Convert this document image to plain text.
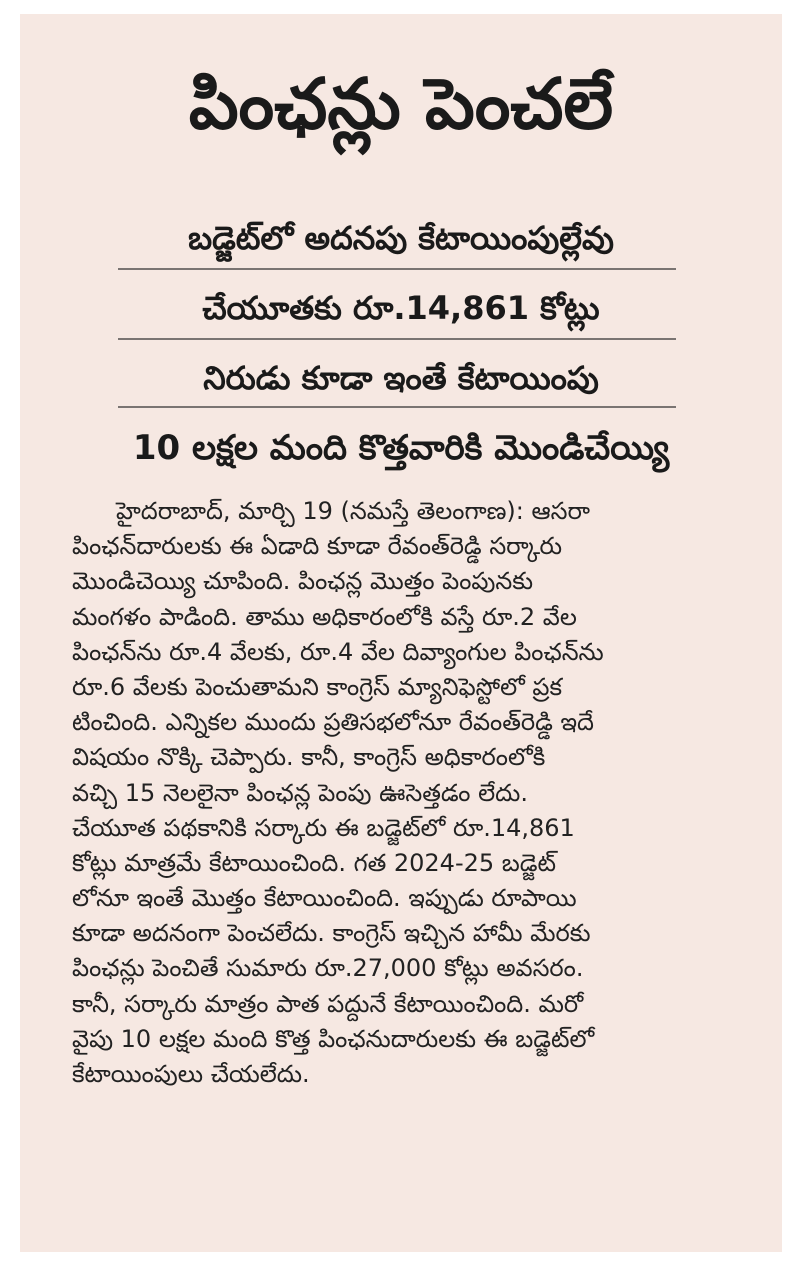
పింఛన్లు పెంచలే
బడ్జెట్‌లో అదనపు కేటాయింపుల్లేవు
చేయూతకు రూ.14,861 కోట్లు
నిరుడు కూడా ఇంతే కేటాయింపు
10 లక్షల మంది కొత్తవారికి మొండిచేయ్యి
హైదరాబాద్‌, మార్చి 19 (నమస్తే తెలంగాణ): ఆసరా
పింఛన్‌దారులకు ఈ ఏడాది కూడా రేవంత్‌రెడ్డి సర్కారు
మొండిచెయ్యి చూపింది. పింఛన్ల మొత్తం పెంపునకు
మంగళం పాడింది. తాము అధికారంలోకి వస్తే రూ.2 వేల
పింఛన్‌ను రూ.4 వేలకు, రూ.4 వేల దివ్యాంగుల పింఛన్‌ను
రూ.6 వేలకు పెంచుతామని కాంగ్రెస్‌ మ్యానిఫెస్టోలో ప్రక
టించింది. ఎన్నికల ముందు ప్రతిసభలోనూ రేవంత్‌రెడ్డి ఇదే
విషయం నొక్కి చెప్పారు. కానీ, కాంగ్రెస్‌ అధికారంలోకి
వచ్చి 15 నెలలైనా పింఛన్ల పెంపు ఊసెత్తడం లేదు.
చేయూత పథకానికి సర్కారు ఈ బడ్జెట్‌లో రూ.14,861
కోట్లు మాత్రమే కేటాయించింది. గత 2024-25 బడ్జెట్‌
లోనూ ఇంతే మొత్తం కేటాయించింది. ఇప్పుడు రూపాయి
కూడా అదనంగా పెంచలేదు. కాంగ్రెస్‌ ఇచ్చిన హామీ మేరకు
పింఛన్లు పెంచితే సుమారు రూ.27,000 కోట్లు అవసరం.
కానీ, సర్కారు మాత్రం పాత పద్దునే కేటాయించింది. మరో
వైపు 10 లక్షల మంది కొత్త పింఛనుదారులకు ఈ బడ్జెట్‌లో
కేటాయింపులు చేయలేదు.
